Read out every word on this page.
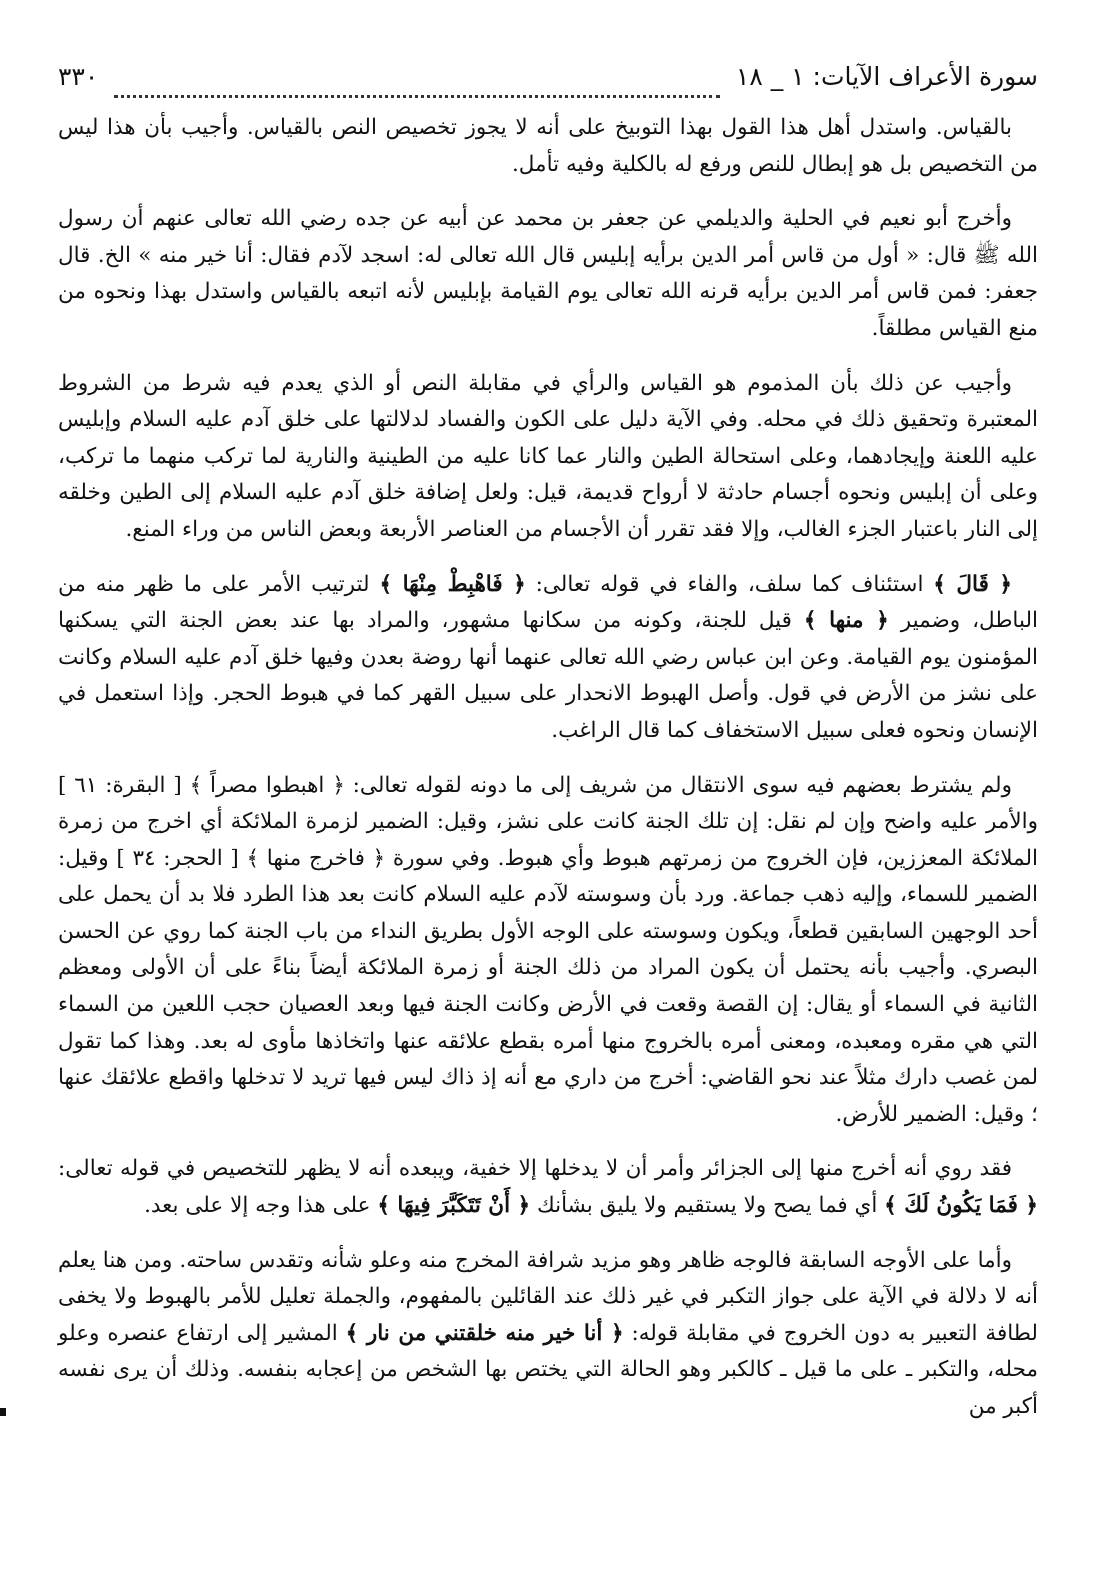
سورة الأعراف الآيات: ١ _ ١٨
٣٣٠

بالقياس. واستدل أهل هذا القول بهذا التوبيخ على أنه لا يجوز تخصيص النص بالقياس. وأجيب بأن هذا ليس من التخصيص بل هو إبطال للنص ورفع له بالكلية وفيه تأمل.

وأخرج أبو نعيم في الحلية والديلمي عن جعفر بن محمد عن أبيه عن جده رضي الله تعالى عنهم أن رسول الله ﷺ قال: « أول من قاس أمر الدين برأيه إبليس قال الله تعالى له: اسجد لآدم فقال: أنا خير منه » الخ. قال جعفر: فمن قاس أمر الدين برأيه قرنه الله تعالى يوم القيامة بإبليس لأنه اتبعه بالقياس واستدل بهذا ونحوه من منع القياس مطلقاً.

وأجيب عن ذلك بأن المذموم هو القياس والرأي في مقابلة النص أو الذي يعدم فيه شرط من الشروط المعتبرة وتحقيق ذلك في محله. وفي الآية دليل على الكون والفساد لدلالتها على خلق آدم عليه السلام وإبليس عليه اللعنة وإيجادهما، وعلى استحالة الطين والنار عما كانا عليه من الطينية والنارية لما تركب منهما ما تركب، وعلى أن إبليس ونحوه أجسام حادثة لا أرواح قديمة، قيل: ولعل إضافة خلق آدم عليه السلام إلى الطين وخلقه إلى النار باعتبار الجزء الغالب، وإلا فقد تقرر أن الأجسام من العناصر الأربعة وبعض الناس من وراء المنع.

﴿ قَالَ ﴾ استئناف كما سلف، والفاء في قوله تعالى: ﴿ فَاهْبِطْ مِنْهَا ﴾ لترتيب الأمر على ما ظهر منه من الباطل، وضمير ﴿ منها ﴾ قيل للجنة، وكونه من سكانها مشهور، والمراد بها عند بعض الجنة التي يسكنها المؤمنون يوم القيامة. وعن ابن عباس رضي الله تعالى عنهما أنها روضة بعدن وفيها خلق آدم عليه السلام وكانت على نشز من الأرض في قول. وأصل الهبوط الانحدار على سبيل القهر كما في هبوط الحجر. وإذا استعمل في الإنسان ونحوه فعلى سبيل الاستخفاف كما قال الراغب.

ولم يشترط بعضهم فيه سوى الانتقال من شريف إلى ما دونه لقوله تعالى: ﴿ اهبطوا مصراً ﴾ [ البقرة: ٦١ ] والأمر عليه واضح وإن لم نقل: إن تلك الجنة كانت على نشز، وقيل: الضمير لزمرة الملائكة أي اخرج من زمرة الملائكة المعززين، فإن الخروج من زمرتهم هبوط وأي هبوط. وفي سورة ﴿ فاخرج منها ﴾ [ الحجر: ٣٤ ] وقيل: الضمير للسماء، وإليه ذهب جماعة. ورد بأن وسوسته لآدم عليه السلام كانت بعد هذا الطرد فلا بد أن يحمل على أحد الوجهين السابقين قطعاً، ويكون وسوسته على الوجه الأول بطريق النداء من باب الجنة كما روي عن الحسن البصري. وأجيب بأنه يحتمل أن يكون المراد من ذلك الجنة أو زمرة الملائكة أيضاً بناءً على أن الأولى ومعظم الثانية في السماء أو يقال: إن القصة وقعت في الأرض وكانت الجنة فيها وبعد العصيان حجب اللعين من السماء التي هي مقره ومعبده، ومعنى أمره بالخروج منها أمره بقطع علائقه عنها واتخاذها مأوى له بعد. وهذا كما تقول لمن غصب دارك مثلاً عند نحو القاضي: أخرج من داري مع أنه إذ ذاك ليس فيها تريد لا تدخلها واقطع علائقك عنها ؛ وقيل: الضمير للأرض.

فقد روي أنه أخرج منها إلى الجزائر وأمر أن لا يدخلها إلا خفية، ويبعده أنه لا يظهر للتخصيص في قوله تعالى: ﴿ فَمَا يَكُونُ لَكَ ﴾ أي فما يصح ولا يستقيم ولا يليق بشأنك ﴿ أَنْ تَتَكَبَّرَ فِيهَا ﴾ على هذا وجه إلا على بعد.

وأما على الأوجه السابقة فالوجه ظاهر وهو مزيد شرافة المخرج منه وعلو شأنه وتقدس ساحته. ومن هنا يعلم أنه لا دلالة في الآية على جواز التكبر في غير ذلك عند القائلين بالمفهوم، والجملة تعليل للأمر بالهبوط ولا يخفى لطافة التعبير به دون الخروج في مقابلة قوله: ﴿ أنا خير منه خلقتني من نار ﴾ المشير إلى ارتفاع عنصره وعلو محله، والتكبر ـ على ما قيل ـ كالكبر وهو الحالة التي يختص بها الشخص من إعجابه بنفسه. وذلك أن يرى نفسه أكبر من
